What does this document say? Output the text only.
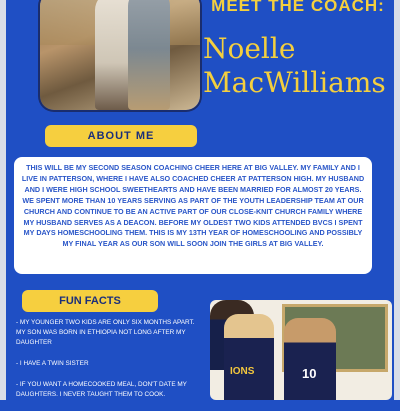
MEET THE COACH:
Noelle
MacWilliams
ABOUT ME
THIS WILL BE MY SECOND SEASON COACHING CHEER HERE AT BIG VALLEY. MY FAMILY AND I LIVE IN PATTERSON, WHERE I HAVE ALSO COACHED CHEER AT PATTERSON HIGH. MY HUSBAND AND I WERE HIGH SCHOOL SWEETHEARTS AND HAVE BEEN MARRIED FOR ALMOST 20 YEARS. WE SPENT MORE THAN 10 YEARS SERVING AS PART OF THE YOUTH LEADERSHIP TEAM AT OUR CHURCH AND CONTINUE TO BE AN ACTIVE PART OF OUR CLOSE-KNIT CHURCH FAMILY WHERE MY HUSBAND SERVES AS A DEACON. BEFORE MY OLDEST TWO KIDS ATTENDED BVCS I SPENT MY DAYS HOMESCHOOLING THEM. THIS IS MY 13TH YEAR OF HOMESCHOOLING AND POSSIBLY MY FINAL YEAR AS OUR SON WILL SOON JOIN THE GIRLS AT BIG VALLEY.
FUN FACTS

- MY YOUNGER TWO KIDS ARE ONLY SIX MONTHS APART. MY SON WAS BORN IN ETHIOPIA NOT LONG AFTER MY DAUGHTER

- I HAVE A TWIN SISTER

- IF YOU WANT A HOMECOOKED MEAL, DON'T DATE MY DAUGHTERS. I NEVER TAUGHT THEM TO COOK.

IONS	10
